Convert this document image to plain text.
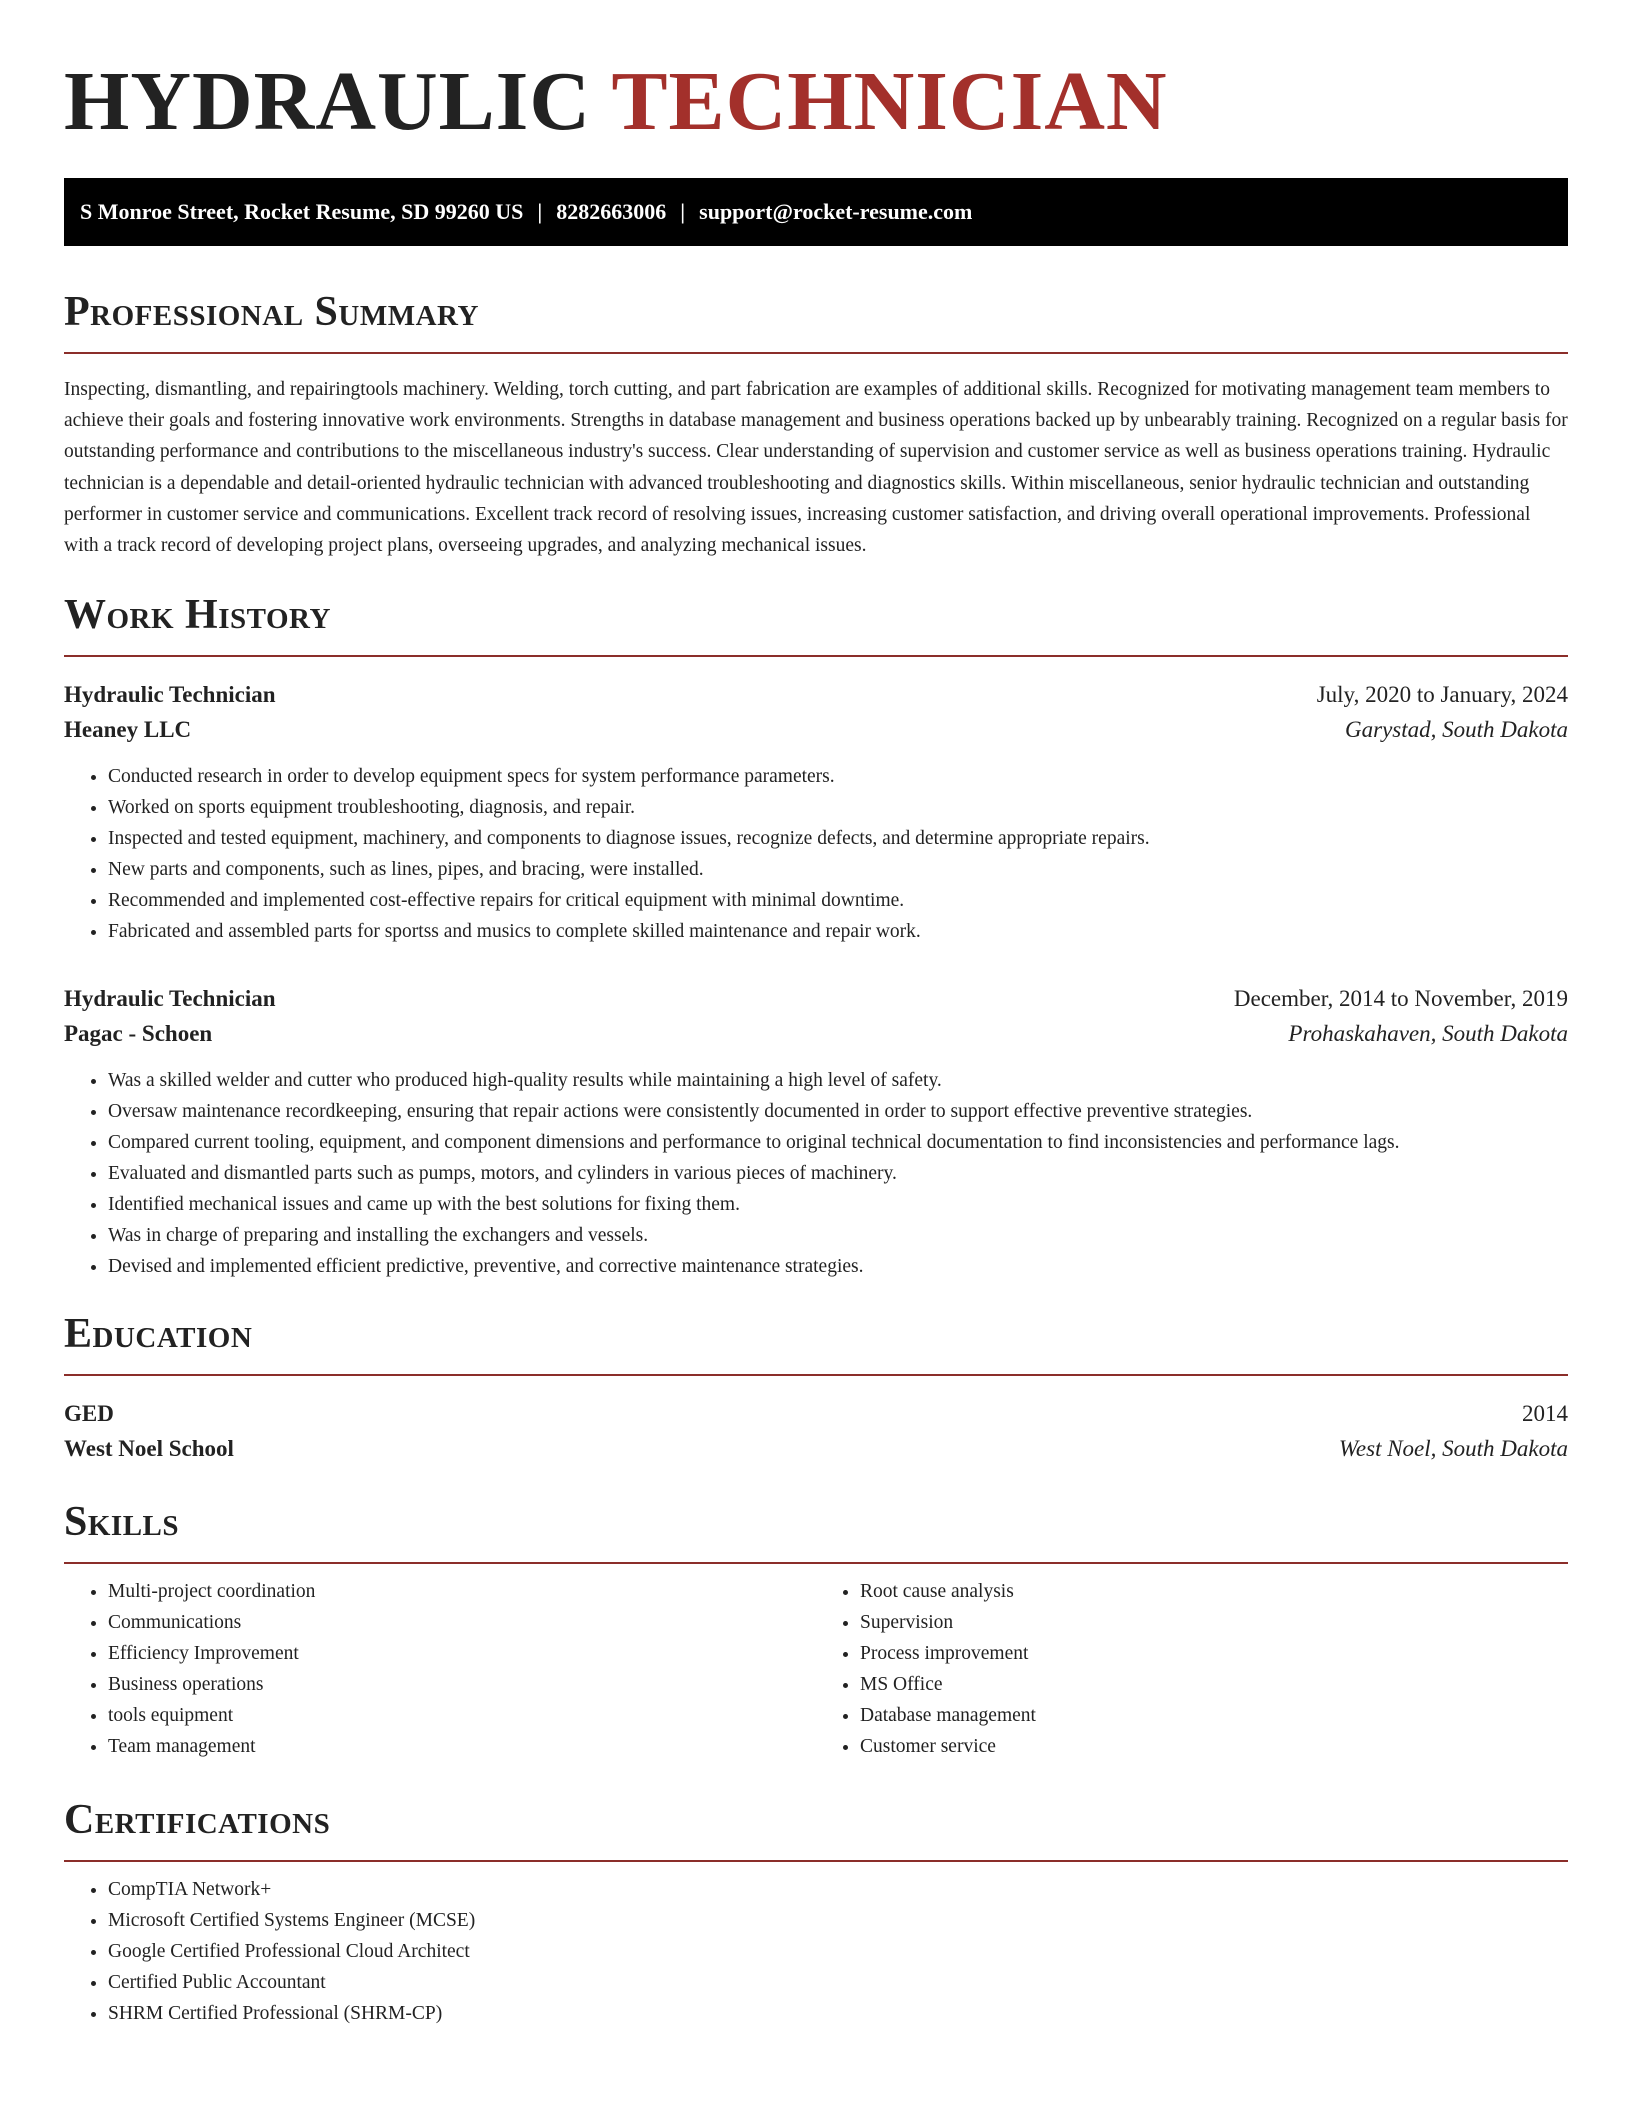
HYDRAULIC TECHNICIAN
S Monroe Street, Rocket Resume, SD 99260 US | 8282663006 | support@rocket-resume.com
Professional Summary

Inspecting, dismantling, and repairingtools machinery. Welding, torch cutting, and part fabrication are examples of additional skills. Recognized for motivating management team members to achieve their goals and fostering innovative work environments. Strengths in database management and business operations backed up by unbearably training. Recognized on a regular basis for outstanding performance and contributions to the miscellaneous industry's success. Clear understanding of supervision and customer service as well as business operations training. Hydraulic technician is a dependable and detail-oriented hydraulic technician with advanced troubleshooting and diagnostics skills. Within miscellaneous, senior hydraulic technician and outstanding performer in customer service and communications. Excellent track record of resolving issues, increasing customer satisfaction, and driving overall operational improvements. Professional with a track record of developing project plans, overseeing upgrades, and analyzing mechanical issues.

Work History
Hydraulic Technician	July, 2020 to January, 2024
Heaney LLC	Garystad, South Dakota
• Conducted research in order to develop equipment specs for system performance parameters.
• Worked on sports equipment troubleshooting, diagnosis, and repair.
• Inspected and tested equipment, machinery, and components to diagnose issues, recognize defects, and determine appropriate repairs.
• New parts and components, such as lines, pipes, and bracing, were installed.
• Recommended and implemented cost-effective repairs for critical equipment with minimal downtime.
• Fabricated and assembled parts for sportss and musics to complete skilled maintenance and repair work.
Hydraulic Technician	December, 2014 to November, 2019
Pagac - Schoen	Prohaskahaven, South Dakota
• Was a skilled welder and cutter who produced high-quality results while maintaining a high level of safety.
• Oversaw maintenance recordkeeping, ensuring that repair actions were consistently documented in order to support effective preventive strategies.
• Compared current tooling, equipment, and component dimensions and performance to original technical documentation to find inconsistencies and performance lags.
• Evaluated and dismantled parts such as pumps, motors, and cylinders in various pieces of machinery.
• Identified mechanical issues and came up with the best solutions for fixing them.
• Was in charge of preparing and installing the exchangers and vessels.
• Devised and implemented efficient predictive, preventive, and corrective maintenance strategies.
Education
GED	2014
West Noel School	West Noel, South Dakota
Skills
• Multi-project coordination
• Communications
• Efficiency Improvement
• Business operations
• tools equipment
• Team management
• Root cause analysis
• Supervision
• Process improvement
• MS Office
• Database management
• Customer service
Certifications
• CompTIA Network+
• Microsoft Certified Systems Engineer (MCSE)
• Google Certified Professional Cloud Architect
• Certified Public Accountant
• SHRM Certified Professional (SHRM-CP)
